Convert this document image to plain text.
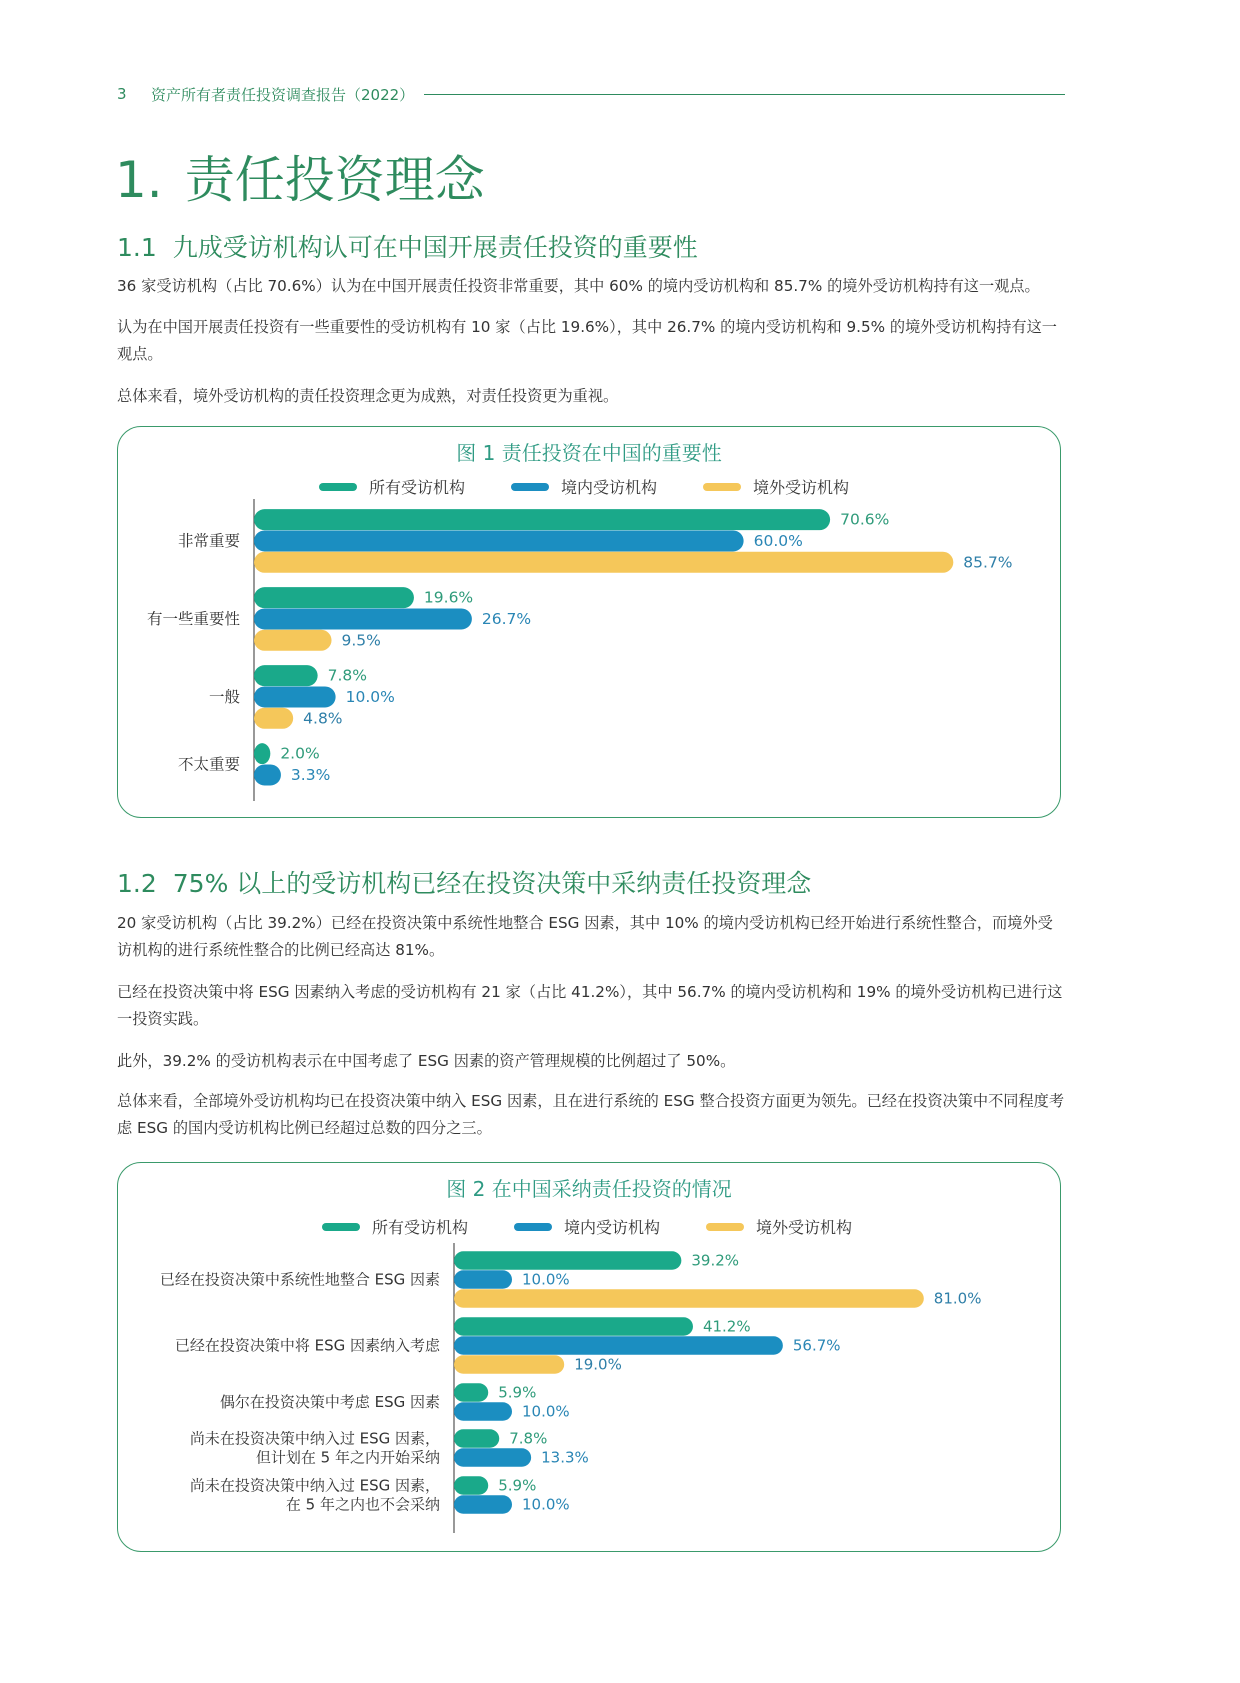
3	资产所有者责任投资调查报告（2022）
1. 责任投资理念
1.1 九成受访机构认可在中国开展责任投资的重要性
36 家受访机构（占比 70.6%）认为在中国开展责任投资非常重要，其中 60% 的境内受访机构和 85.7% 的境外受访机构持有这一观点。
认为在中国开展责任投资有一些重要性的受访机构有 10 家（占比 19.6%），其中 26.7% 的境内受访机构和 9.5% 的境外受访机构持有这一观点。
总体来看，境外受访机构的责任投资理念更为成熟，对责任投资更为重视。
图 1 责任投资在中国的重要性
所有受访机构	境内受访机构	境外受访机构
非常重要
70.6%
60.0%
85.7%
有一些重要性
19.6%
26.7%
9.5%
一般
7.8%
10.0%
4.8%
不太重要
2.0%
3.3%
1.2 75% 以上的受访机构已经在投资决策中采纳责任投资理念
20 家受访机构（占比 39.2%）已经在投资决策中系统性地整合 ESG 因素，其中 10% 的境内受访机构已经开始进行系统性整合，而境外受访机构的进行系统性整合的比例已经高达 81%。
已经在投资决策中将 ESG 因素纳入考虑的受访机构有 21 家（占比 41.2%），其中 56.7% 的境内受访机构和 19% 的境外受访机构已进行这一投资实践。
此外，39.2% 的受访机构表示在中国考虑了 ESG 因素的资产管理规模的比例超过了 50%。
总体来看，全部境外受访机构均已在投资决策中纳入 ESG 因素，且在进行系统的 ESG 整合投资方面更为领先。已经在投资决策中不同程度考虑 ESG 的国内受访机构比例已经超过总数的四分之三。
图 2 在中国采纳责任投资的情况
所有受访机构	境内受访机构	境外受访机构
已经在投资决策中系统性地整合 ESG 因素
39.2%
10.0%
81.0%
已经在投资决策中将 ESG 因素纳入考虑
41.2%
56.7%
19.0%
偶尔在投资决策中考虑 ESG 因素
5.9%
10.0%
尚未在投资决策中纳入过 ESG 因素，
但计划在 5 年之内开始采纳
7.8%
13.3%
尚未在投资决策中纳入过 ESG 因素，
在 5 年之内也不会采纳
5.9%
10.0%
